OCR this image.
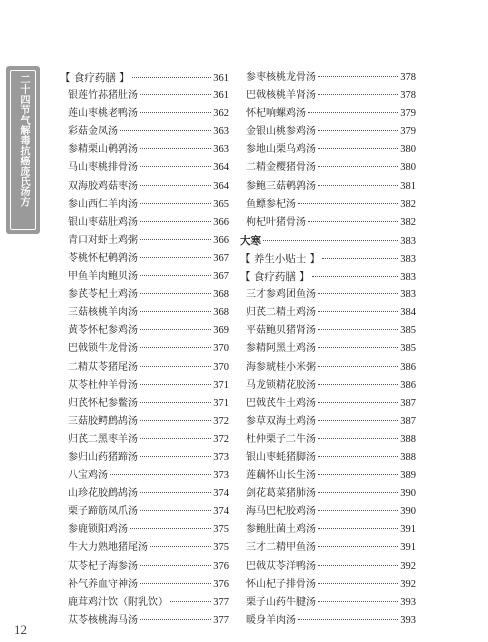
二十四节气解毒抗癌庞氏汤方	【 食疗药膳 】	361
银莲竹荪猪肚汤	361
莲山枣桃老鸭汤	362
彩菇金凤汤	363
参精栗山鹌鹑汤	363
马山枣桃排骨汤	364
双海胶鸡菇枣汤	364
参山西仁羊肉汤	365
银山枣菇肚鸡汤	366
青口对虾土鸡粥	366
苓桃怀杞鹌鹑汤	367
甲鱼羊肉鲍贝汤	367
参芪苓杞土鸡汤	368
三菇核桃羊肉汤	368
黄苓怀杞参鸡汤	369
巴戟锁牛龙骨汤	370
二精苁苓猪尾汤	370
苁苓杜仲羊骨汤	371
归芪怀杞参鳖汤	371
三菇胶鳄鹧鸪汤	372
归芪二黑枣羊汤	372
参归山药猪蹄汤	373
八宝鸡汤	373
山珍花胶鹧鸪汤	374
栗子蹄筋凤爪汤	374
参鹿锁阳鸡汤	375
牛大力熟地猪尾汤	375
苁苓杞子海参汤	376
补气养血守神汤	376
鹿茸鸡汁饮（附乳饮）	377
苁苓核桃海马汤	377
参枣核桃龙骨汤	378
巴戟核桃羊肾汤	378
怀杞响螺鸡汤	379
金银山桃参鸡汤	379
参地山栗乌鸡汤	380
二精金樱猪骨汤	380
参鲍三菇鹌鹑汤	381
鱼鳔参杞汤	382
枸杞叶猪骨汤	382
大寒	383
【 养生小贴士 】	383
【 食疗药膳 】	383
三才参鸡团鱼汤	383
归芪二精土鸡汤	384
平菇鲍贝猪肾汤	385
参精阿黑土鸡汤	385
海参琥桂小米粥	386
马龙锁精花胶汤	386
巴戟芪牛土鸡汤	387
参草双海土鸡汤	387
杜仲栗子二牛汤	388
银山枣蚝猪脚汤	388
莲藕怀山长生汤	389
剑花葛菜猪肺汤	390
海马巴杞胶鸡汤	390
参鲍肚菌土鸡汤	391
三才二精甲鱼汤	391
巴戟苁苓洋鸭汤	392
怀山杞子排骨汤	392
栗子山药牛腱汤	393
暖身羊肉汤	393
12
